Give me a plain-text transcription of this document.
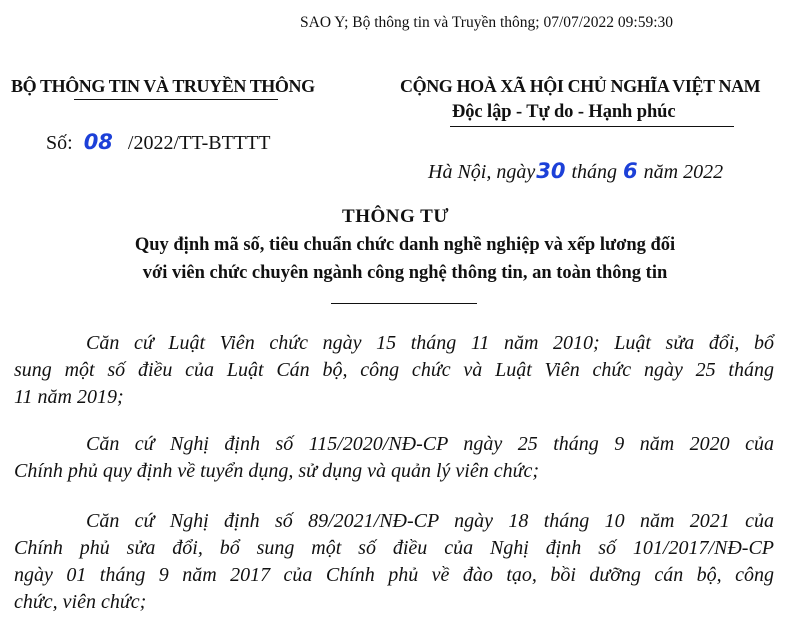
SAO Y; Bộ thông tin và Truyền thông; 07/07/2022 09:59:30
BỘ THÔNG TIN VÀ TRUYỀN THÔNG	CỘNG HOÀ XÃ HỘI CHỦ NGHĨA VIỆT NAM
Độc lập - Tự do - Hạnh phúc
Số: 08 /2022/TT-BTTTT
Hà Nội, ngày30 tháng 6 năm 2022
THÔNG TƯ
Quy định mã số, tiêu chuẩn chức danh nghề nghiệp và xếp lương đối
với viên chức chuyên ngành công nghệ thông tin, an toàn thông tin
Căn cứ Luật Viên chức ngày 15 tháng 11 năm 2010; Luật sửa đổi, bổ
sung một số điều của Luật Cán bộ, công chức và Luật Viên chức ngày 25 tháng
11 năm 2019;
Căn cứ Nghị định số 115/2020/NĐ-CP ngày 25 tháng 9 năm 2020 của
Chính phủ quy định về tuyển dụng, sử dụng và quản lý viên chức;
Căn cứ Nghị định số 89/2021/NĐ-CP ngày 18 tháng 10 năm 2021 của
Chính phủ sửa đổi, bổ sung một số điều của Nghị định số 101/2017/NĐ-CP
ngày 01 tháng 9 năm 2017 của Chính phủ về đào tạo, bồi dưỡng cán bộ, công
chức, viên chức;
